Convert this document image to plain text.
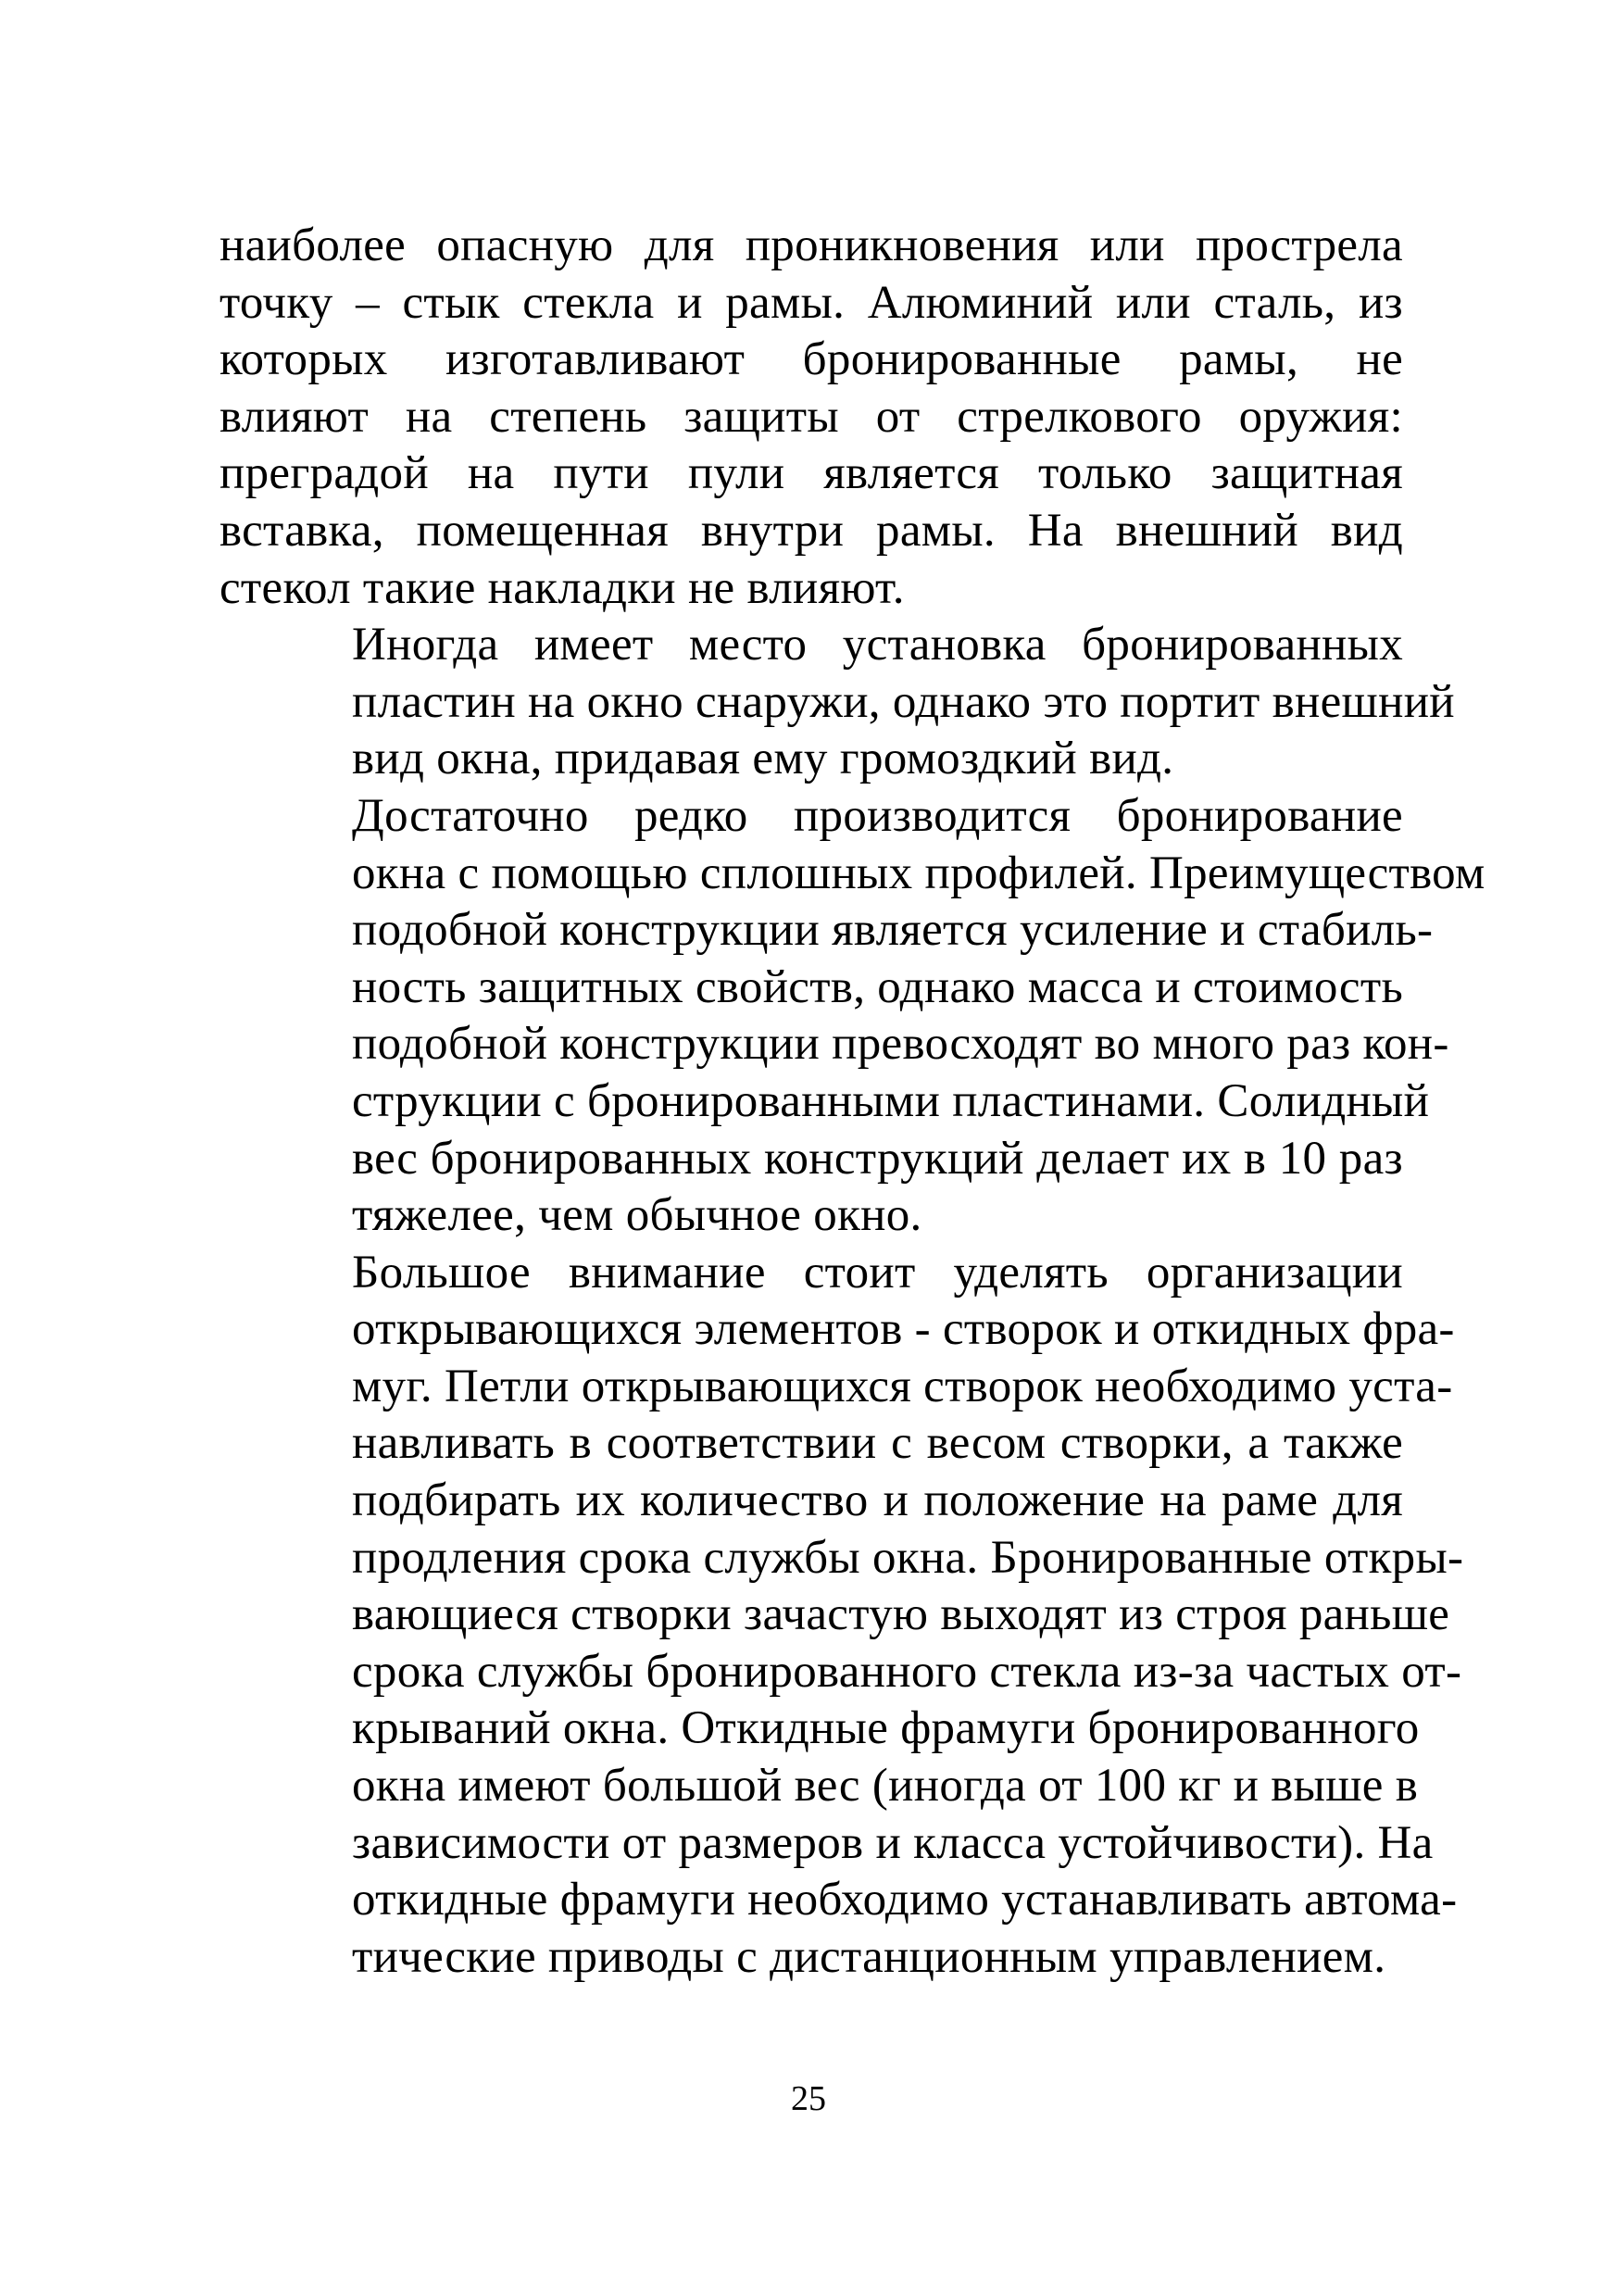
наиболее опасную для проникновения или прострела
точку – стык стекла и рамы. Алюминий или сталь, из
которых изготавливают бронированные рамы, не
влияют на степень защиты от стрелкового оружия:
преградой на пути пули является только защитная
вставка, помещенная внутри рамы. На внешний вид
стекол такие накладки не влияют.
Иногда имеет место установка бронированных
пластин на окно снаружи, однако это портит внешний
вид окна, придавая ему громоздкий вид.
Достаточно редко производится бронирование
окна с помощью сплошных профилей. Преимуществом
подобной конструкции является усиление и стабиль-
ность защитных свойств, однако масса и стоимость
подобной конструкции превосходят во много раз кон-
струкции с бронированными пластинами. Солидный
вес бронированных конструкций делает их в 10 раз
тяжелее, чем обычное окно.
Большое внимание стоит уделять организации
открывающихся элементов - створок и откидных фра-
муг. Петли открывающихся створок необходимо уста-
навливать в соответствии с весом створки, а также
подбирать их количество и положение на раме для
продления срока службы окна. Бронированные откры-
вающиеся створки зачастую выходят из строя раньше
срока службы бронированного стекла из-за частых от-
крываний окна. Откидные фрамуги бронированного
окна имеют большой вес (иногда от 100 кг и выше в
зависимости от размеров и класса устойчивости). На
откидные фрамуги необходимо устанавливать автома-
тические приводы с дистанционным управлением.
25
